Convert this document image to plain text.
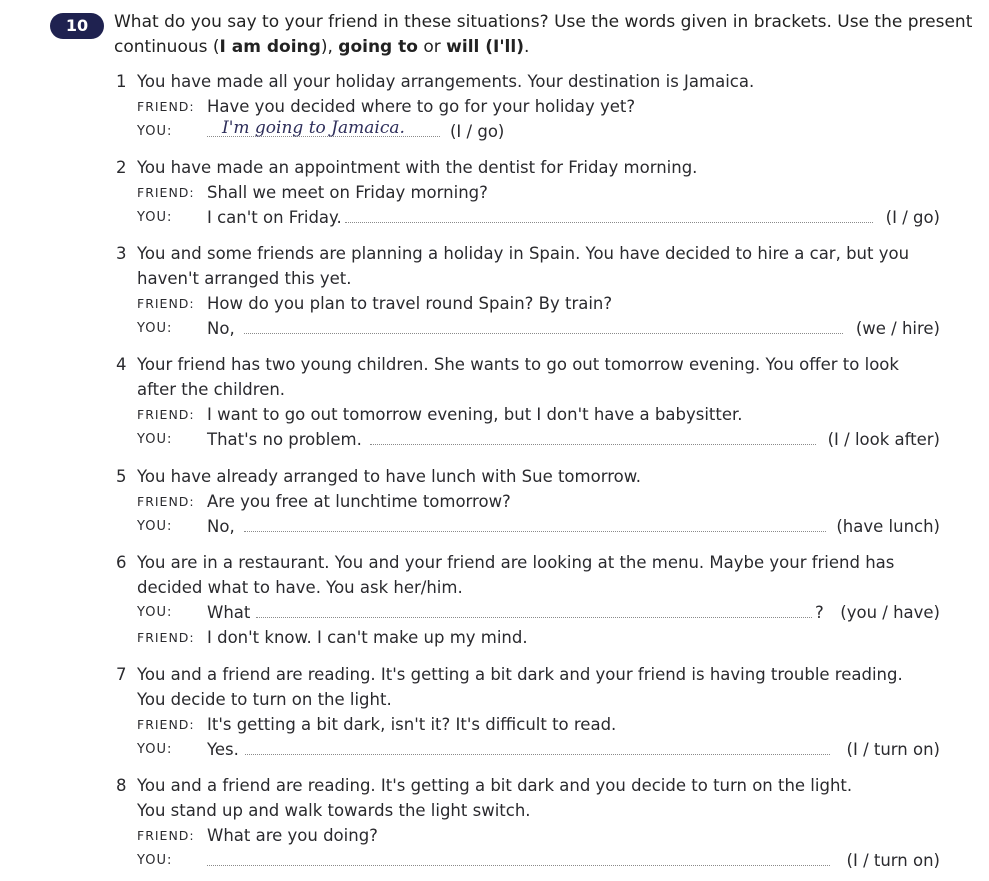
10	What do you say to your friend in these situations? Use the words given in brackets. Use the present continuous (I am doing), going to or will (I'll).
1 You have made all your holiday arrangements. Your destination is Jamaica.
FRIEND: Have you decided where to go for your holiday yet?
YOU:	I'm going to Jamaica.	(I / go)
2 You have made an appointment with the dentist for Friday morning.
FRIEND: Shall we meet on Friday morning?
YOU: I can't on Friday.	(I / go)
3 You and some friends are planning a holiday in Spain. You have decided to hire a car, but you
haven't arranged this yet.
FRIEND: How do you plan to travel round Spain? By train?
YOU: No,	(we / hire)
4 Your friend has two young children. She wants to go out tomorrow evening. You offer to look
after the children.
FRIEND: I want to go out tomorrow evening, but I don't have a babysitter.
YOU: That's no problem.	(I / look after)
5 You have already arranged to have lunch with Sue tomorrow.
FRIEND: Are you free at lunchtime tomorrow?
YOU: No,	(have lunch)
6 You are in a restaurant. You and your friend are looking at the menu. Maybe your friend has
decided what to have. You ask her/him.
YOU: What	? (you / have)
FRIEND: I don't know. I can't make up my mind.
7 You and a friend are reading. It's getting a bit dark and your friend is having trouble reading.
You decide to turn on the light.
FRIEND: It's getting a bit dark, isn't it? It's difficult to read.
YOU: Yes.	(I / turn on)
8 You and a friend are reading. It's getting a bit dark and you decide to turn on the light.
You stand up and walk towards the light switch.
FRIEND: What are you doing?
YOU:	(I / turn on)
